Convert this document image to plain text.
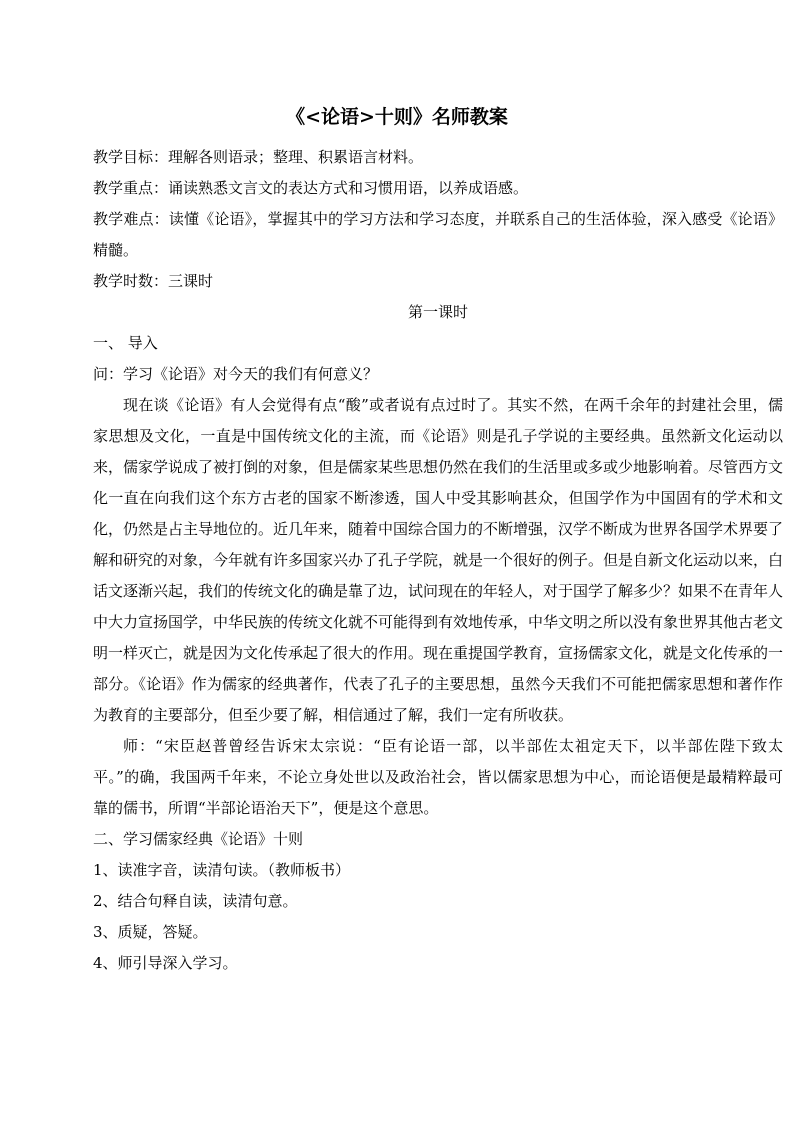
《<论语>十则》名师教案
教学目标：理解各则语录；整理、积累语言材料。
教学重点：诵读熟悉文言文的表达方式和习惯用语，以养成语感。
教学难点：读懂《论语》，掌握其中的学习方法和学习态度，并联系自己的生活体验，深入感受《论语》精髓。
教学时数：三课时
第一课时
一、 导入
问：学习《论语》对今天的我们有何意义？
现在谈《论语》有人会觉得有点“酸”或者说有点过时了。其实不然，在两千余年的封建社会里，儒家思想及文化，一直是中国传统文化的主流，而《论语》则是孔子学说的主要经典。虽然新文化运动以来，儒家学说成了被打倒的对象，但是儒家某些思想仍然在我们的生活里或多或少地影响着。尽管西方文化一直在向我们这个东方古老的国家不断渗透，国人中受其影响甚众，但国学作为中国固有的学术和文化，仍然是占主导地位的。近几年来，随着中国综合国力的不断增强，汉学不断成为世界各国学术界要了解和研究的对象，今年就有许多国家兴办了孔子学院，就是一个很好的例子。但是自新文化运动以来，白话文逐渐兴起，我们的传统文化的确是靠了边，试问现在的年轻人，对于国学了解多少？如果不在青年人中大力宣扬国学，中华民族的传统文化就不可能得到有效地传承，中华文明之所以没有象世界其他古老文明一样灭亡，就是因为文化传承起了很大的作用。现在重提国学教育，宣扬儒家文化，就是文化传承的一部分。《论语》作为儒家的经典著作，代表了孔子的主要思想，虽然今天我们不可能把儒家思想和著作作为教育的主要部分，但至少要了解，相信通过了解，我们一定有所收获。
师：“宋臣赵普曾经告诉宋太宗说：“臣有论语一部，以半部佐太祖定天下，以半部佐陛下致太平。”的确，我国两千年来，不论立身处世以及政治社会，皆以儒家思想为中心，而论语便是最精粹最可靠的儒书，所谓“半部论语治天下”，便是这个意思。
二、学习儒家经典《论语》十则
1、读准字音，读清句读。（教师板书）
2、结合句释自读，读清句意。
3、质疑，答疑。
4、师引导深入学习。
